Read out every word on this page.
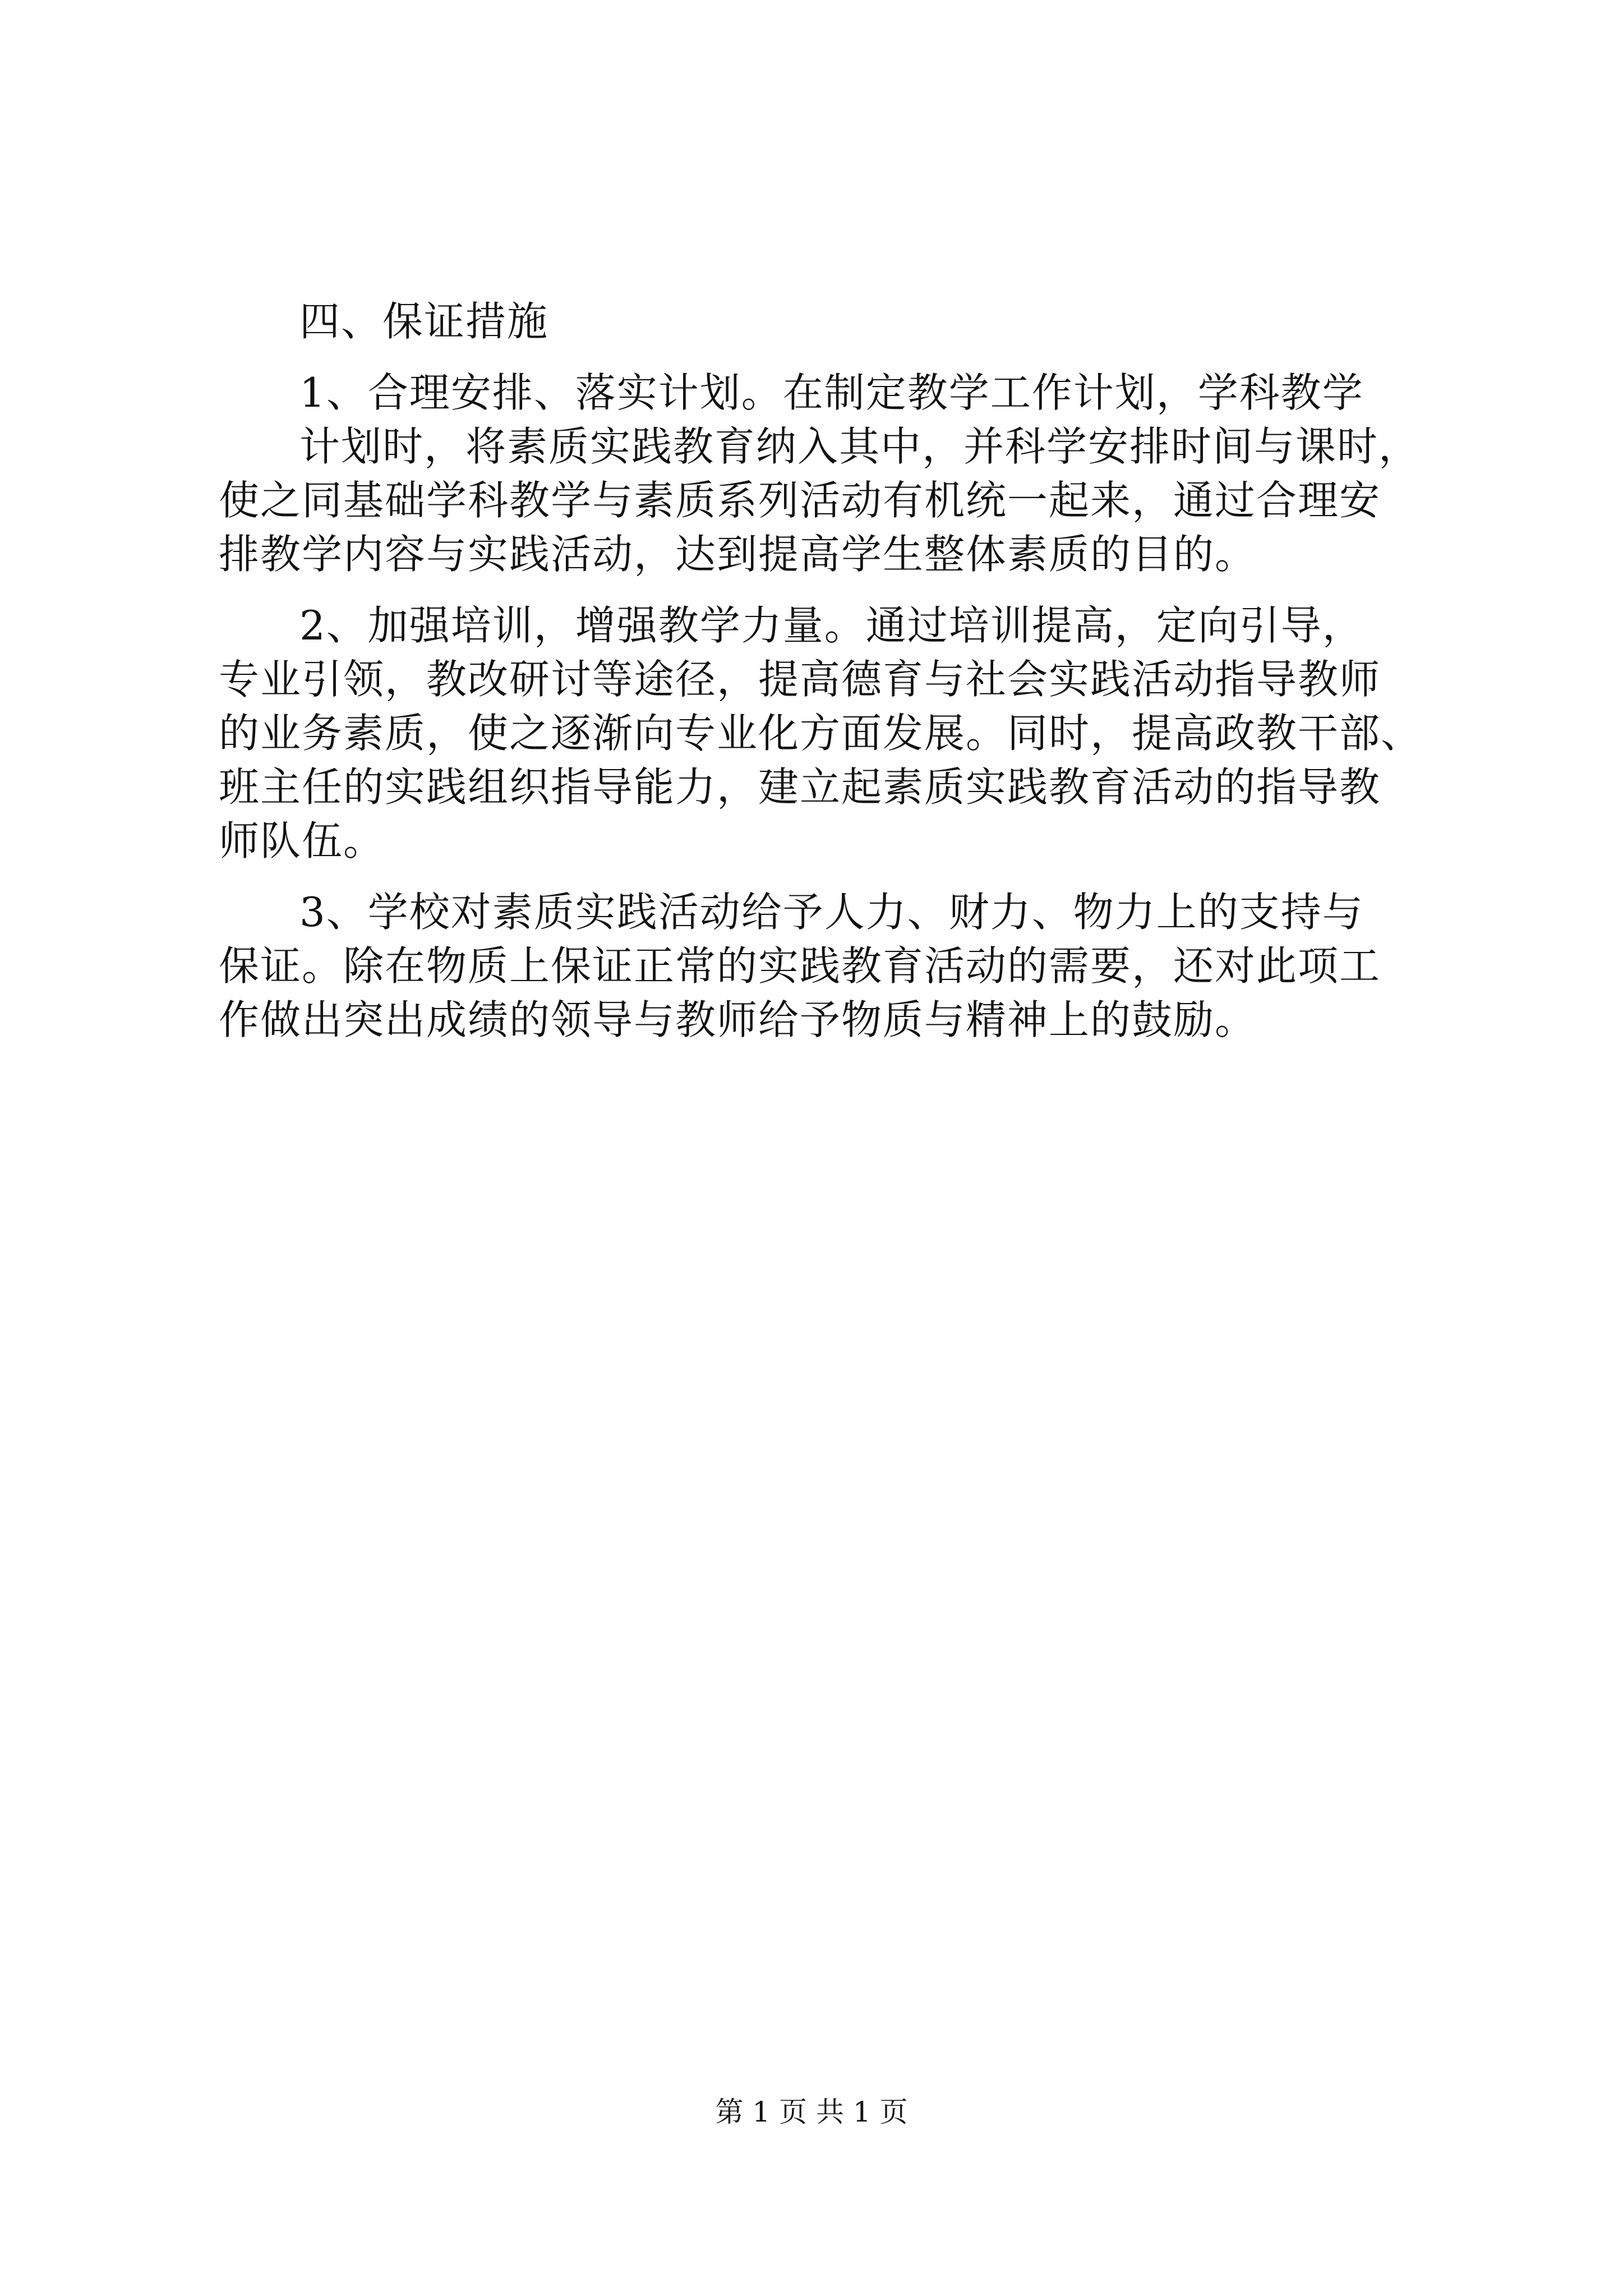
四、保证措施

1、合理安排、落实计划。在制定教学工作计划，学科教学

计划时，将素质实践教育纳入其中，并科学安排时间与课时，

使之同基础学科教学与素质系列活动有机统一起来，通过合理安

排教学内容与实践活动，达到提高学生整体素质的目的。

2、加强培训，增强教学力量。通过培训提高，定向引导，

专业引领，教改研讨等途径，提高德育与社会实践活动指导教师

的业务素质，使之逐渐向专业化方面发展。同时，提高政教干部、

班主任的实践组织指导能力，建立起素质实践教育活动的指导教

师队伍。

3、学校对素质实践活动给予人力、财力、物力上的支持与

保证。除在物质上保证正常的实践教育活动的需要，还对此项工

作做出突出成绩的领导与教师给予物质与精神上的鼓励。

第 1 页 共 1 页
